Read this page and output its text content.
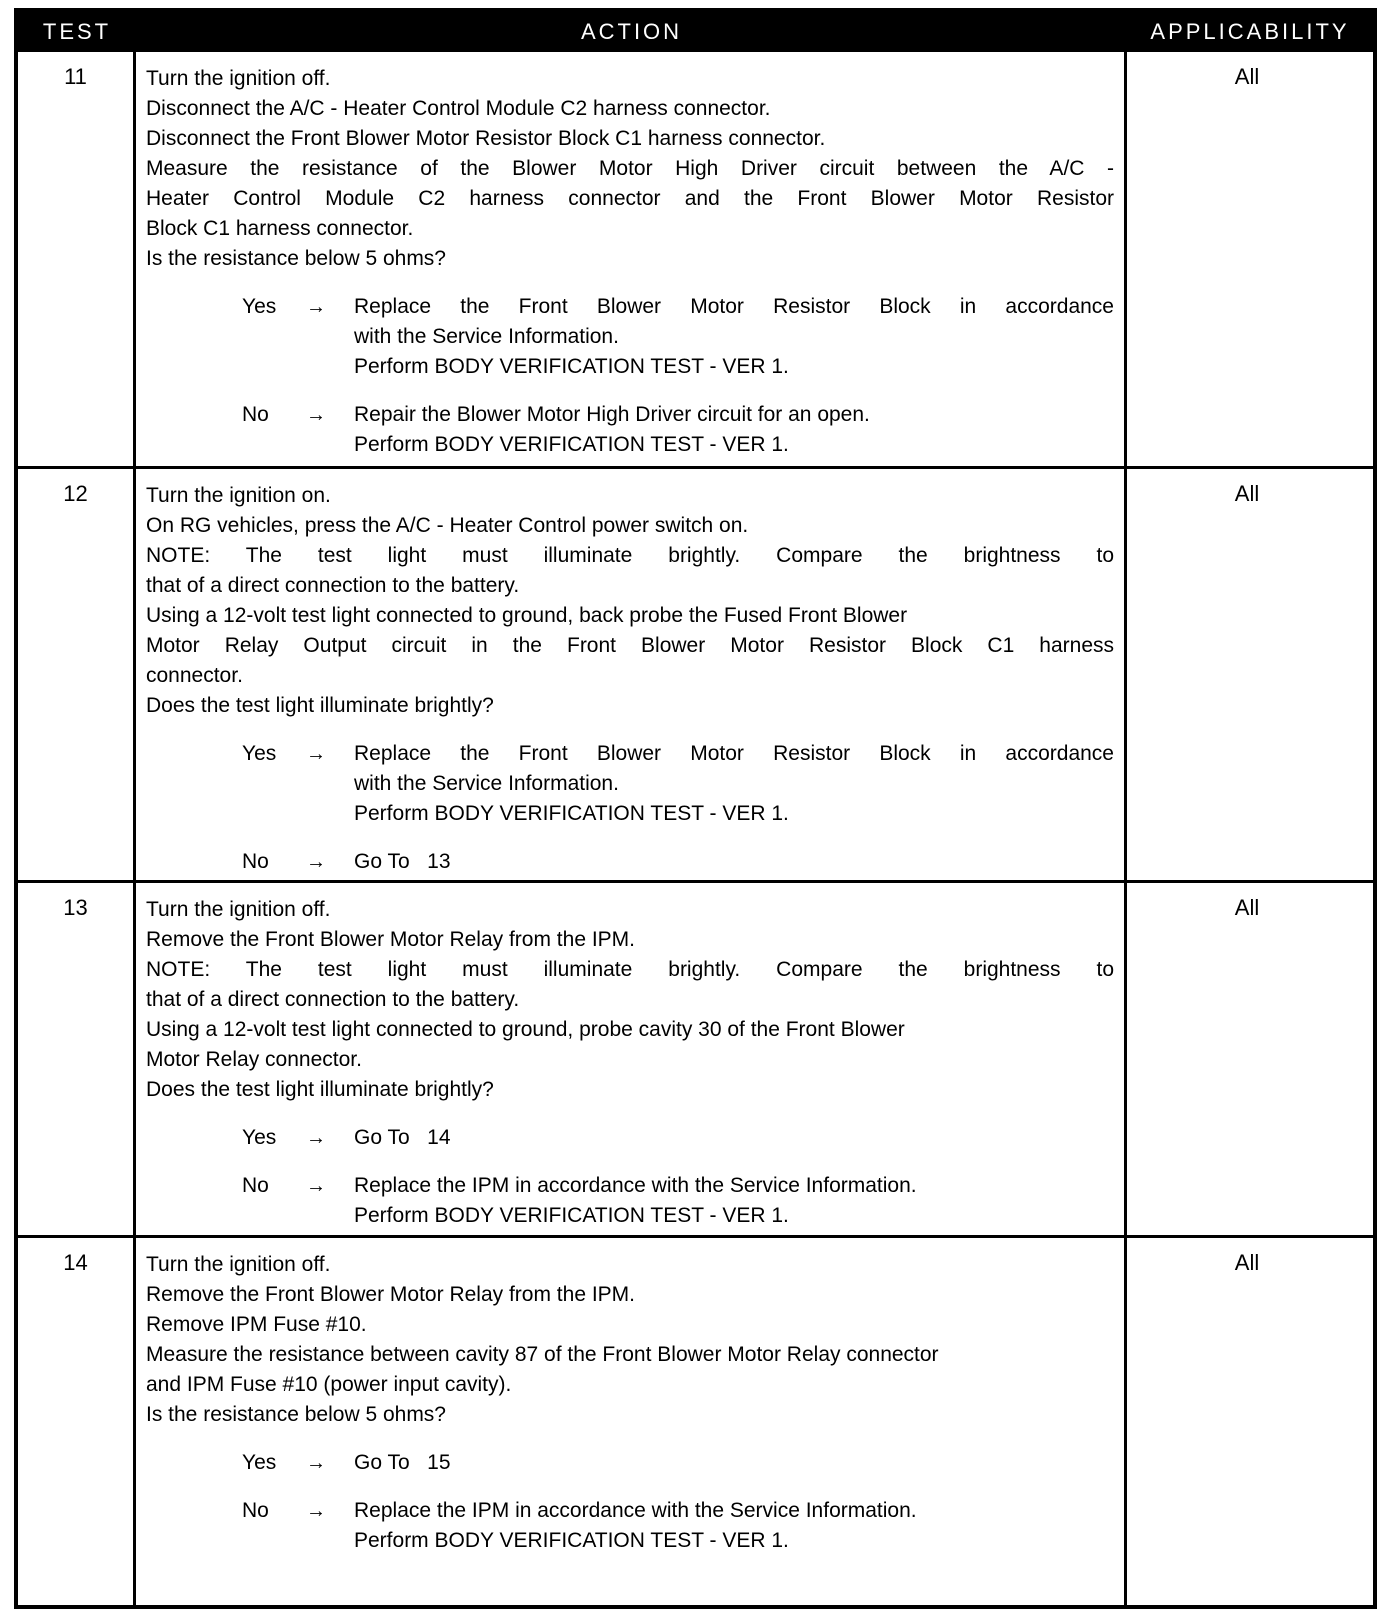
TEST	ACTION	APPLICABILITY
11	Turn the ignition off.
Disconnect the A/C - Heater Control Module C2 harness connector.
Disconnect the Front Blower Motor Resistor Block C1 harness connector.
Measure the resistance of the Blower Motor High Driver circuit between the A/C -
Heater Control Module C2 harness connector and the Front Blower Motor Resistor
Block C1 harness connector.
Is the resistance below 5 ohms?
Yes → Replace the Front Blower Motor Resistor Block in accordance
with the Service Information.
Perform BODY VERIFICATION TEST - VER 1.
No → Repair the Blower Motor High Driver circuit for an open.
Perform BODY VERIFICATION TEST - VER 1.
All
12	Turn the ignition on.
On RG vehicles, press the A/C - Heater Control power switch on.
NOTE: The test light must illuminate brightly. Compare the brightness to
that of a direct connection to the battery.
Using a 12-volt test light connected to ground, back probe the Fused Front Blower
Motor Relay Output circuit in the Front Blower Motor Resistor Block C1 harness
connector.
Does the test light illuminate brightly?
Yes → Replace the Front Blower Motor Resistor Block in accordance
with the Service Information.
Perform BODY VERIFICATION TEST - VER 1.
No → Go To   13
All
13	Turn the ignition off.
Remove the Front Blower Motor Relay from the IPM.
NOTE: The test light must illuminate brightly. Compare the brightness to
that of a direct connection to the battery.
Using a 12-volt test light connected to ground, probe cavity 30 of the Front Blower
Motor Relay connector.
Does the test light illuminate brightly?
Yes → Go To   14
No → Replace the IPM in accordance with the Service Information.
Perform BODY VERIFICATION TEST - VER 1.
All
14	Turn the ignition off.
Remove the Front Blower Motor Relay from the IPM.
Remove IPM Fuse #10.
Measure the resistance between cavity 87 of the Front Blower Motor Relay connector
and IPM Fuse #10 (power input cavity).
Is the resistance below 5 ohms?
Yes → Go To   15
No → Replace the IPM in accordance with the Service Information.
Perform BODY VERIFICATION TEST - VER 1.
All
